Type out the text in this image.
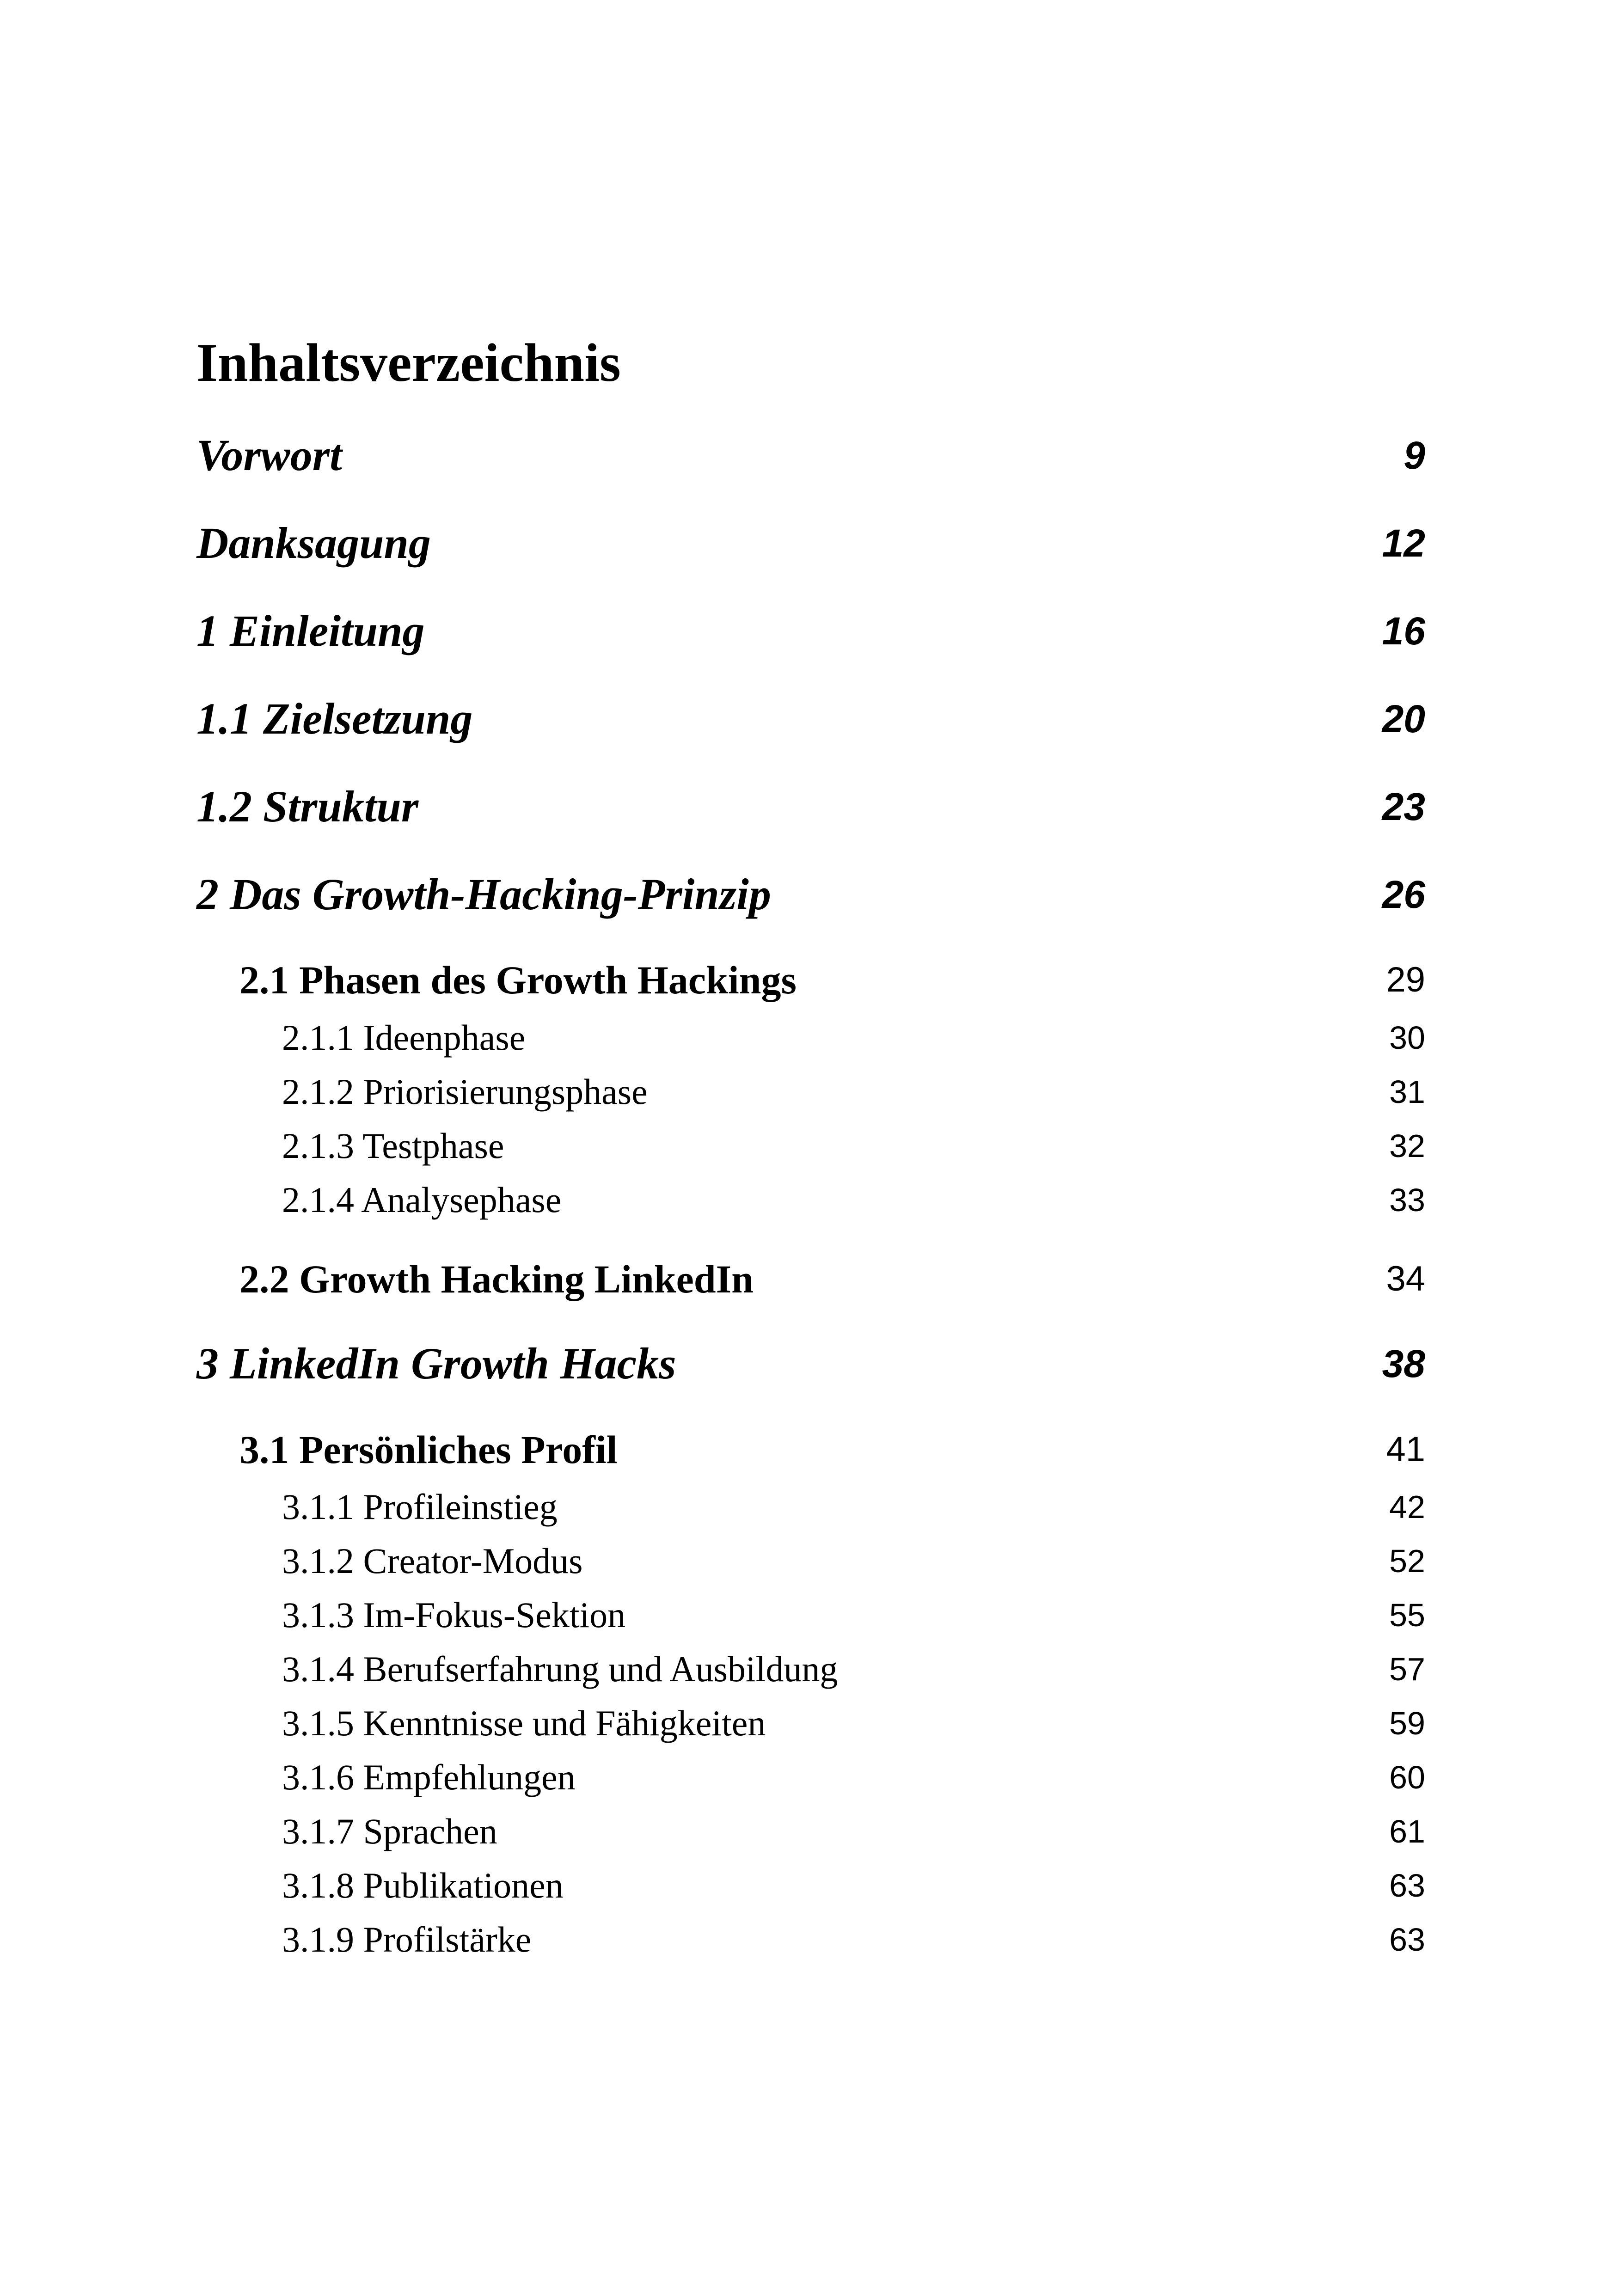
Inhaltsverzeichnis
Vorwort	9
Danksagung	12
1 Einleitung	16
1.1 Zielsetzung	20
1.2 Struktur	23
2 Das Growth-Hacking-Prinzip	26
2.1 Phasen des Growth Hackings	29
2.1.1 Ideenphase	30
2.1.2 Priorisierungsphase	31
2.1.3 Testphase	32
2.1.4 Analysephase	33
2.2 Growth Hacking LinkedIn	34
3 LinkedIn Growth Hacks	38
3.1 Persönliches Profil	41
3.1.1 Profileinstieg	42
3.1.2 Creator-Modus	52
3.1.3 Im-Fokus-Sektion	55
3.1.4 Berufserfahrung und Ausbildung	57
3.1.5 Kenntnisse und Fähigkeiten	59
3.1.6 Empfehlungen	60
3.1.7 Sprachen	61
3.1.8 Publikationen	63
3.1.9 Profilstärke	63
